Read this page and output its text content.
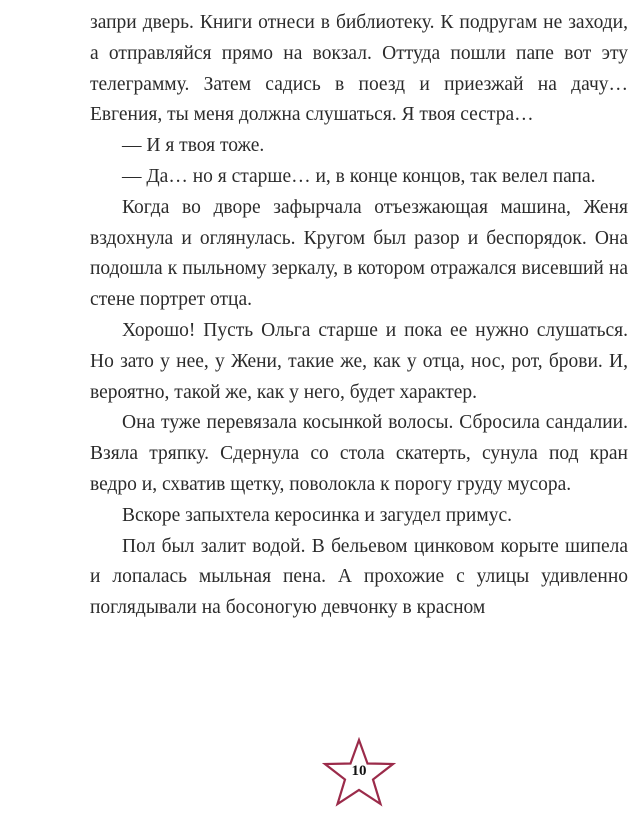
запри дверь. Книги отнеси в библиотеку. К подругам не заходи, а отправляйся прямо на вокзал. Оттуда пошли папе вот эту телеграмму. Затем садись в поезд и приезжай на дачу… Евгения, ты меня должна слушаться. Я твоя сестра…

— И я твоя тоже.

— Да… но я старше… и, в конце концов, так велел папа.

Когда во дворе зафырчала отъезжающая машина, Женя вздохнула и оглянулась. Кругом был разор и беспорядок. Она подошла к пыльному зеркалу, в котором отражался висевший на стене портрет отца.

Хорошо! Пусть Ольга старше и пока ее нужно слушаться. Но зато у нее, у Жени, такие же, как у отца, нос, рот, брови. И, вероятно, такой же, как у него, будет характер.

Она туже перевязала косынкой волосы. Сбросила сандалии. Взяла тряпку. Сдернула со стола скатерть, сунула под кран ведро и, схватив щетку, поволокла к порогу груду мусора.

Вскоре запыхтела керосинка и загудел примус.

Пол был залит водой. В бельевом цинковом корыте шипела и лопалась мыльная пена. А прохожие с улицы удивленно поглядывали на босоногую девчонку в красном

10
